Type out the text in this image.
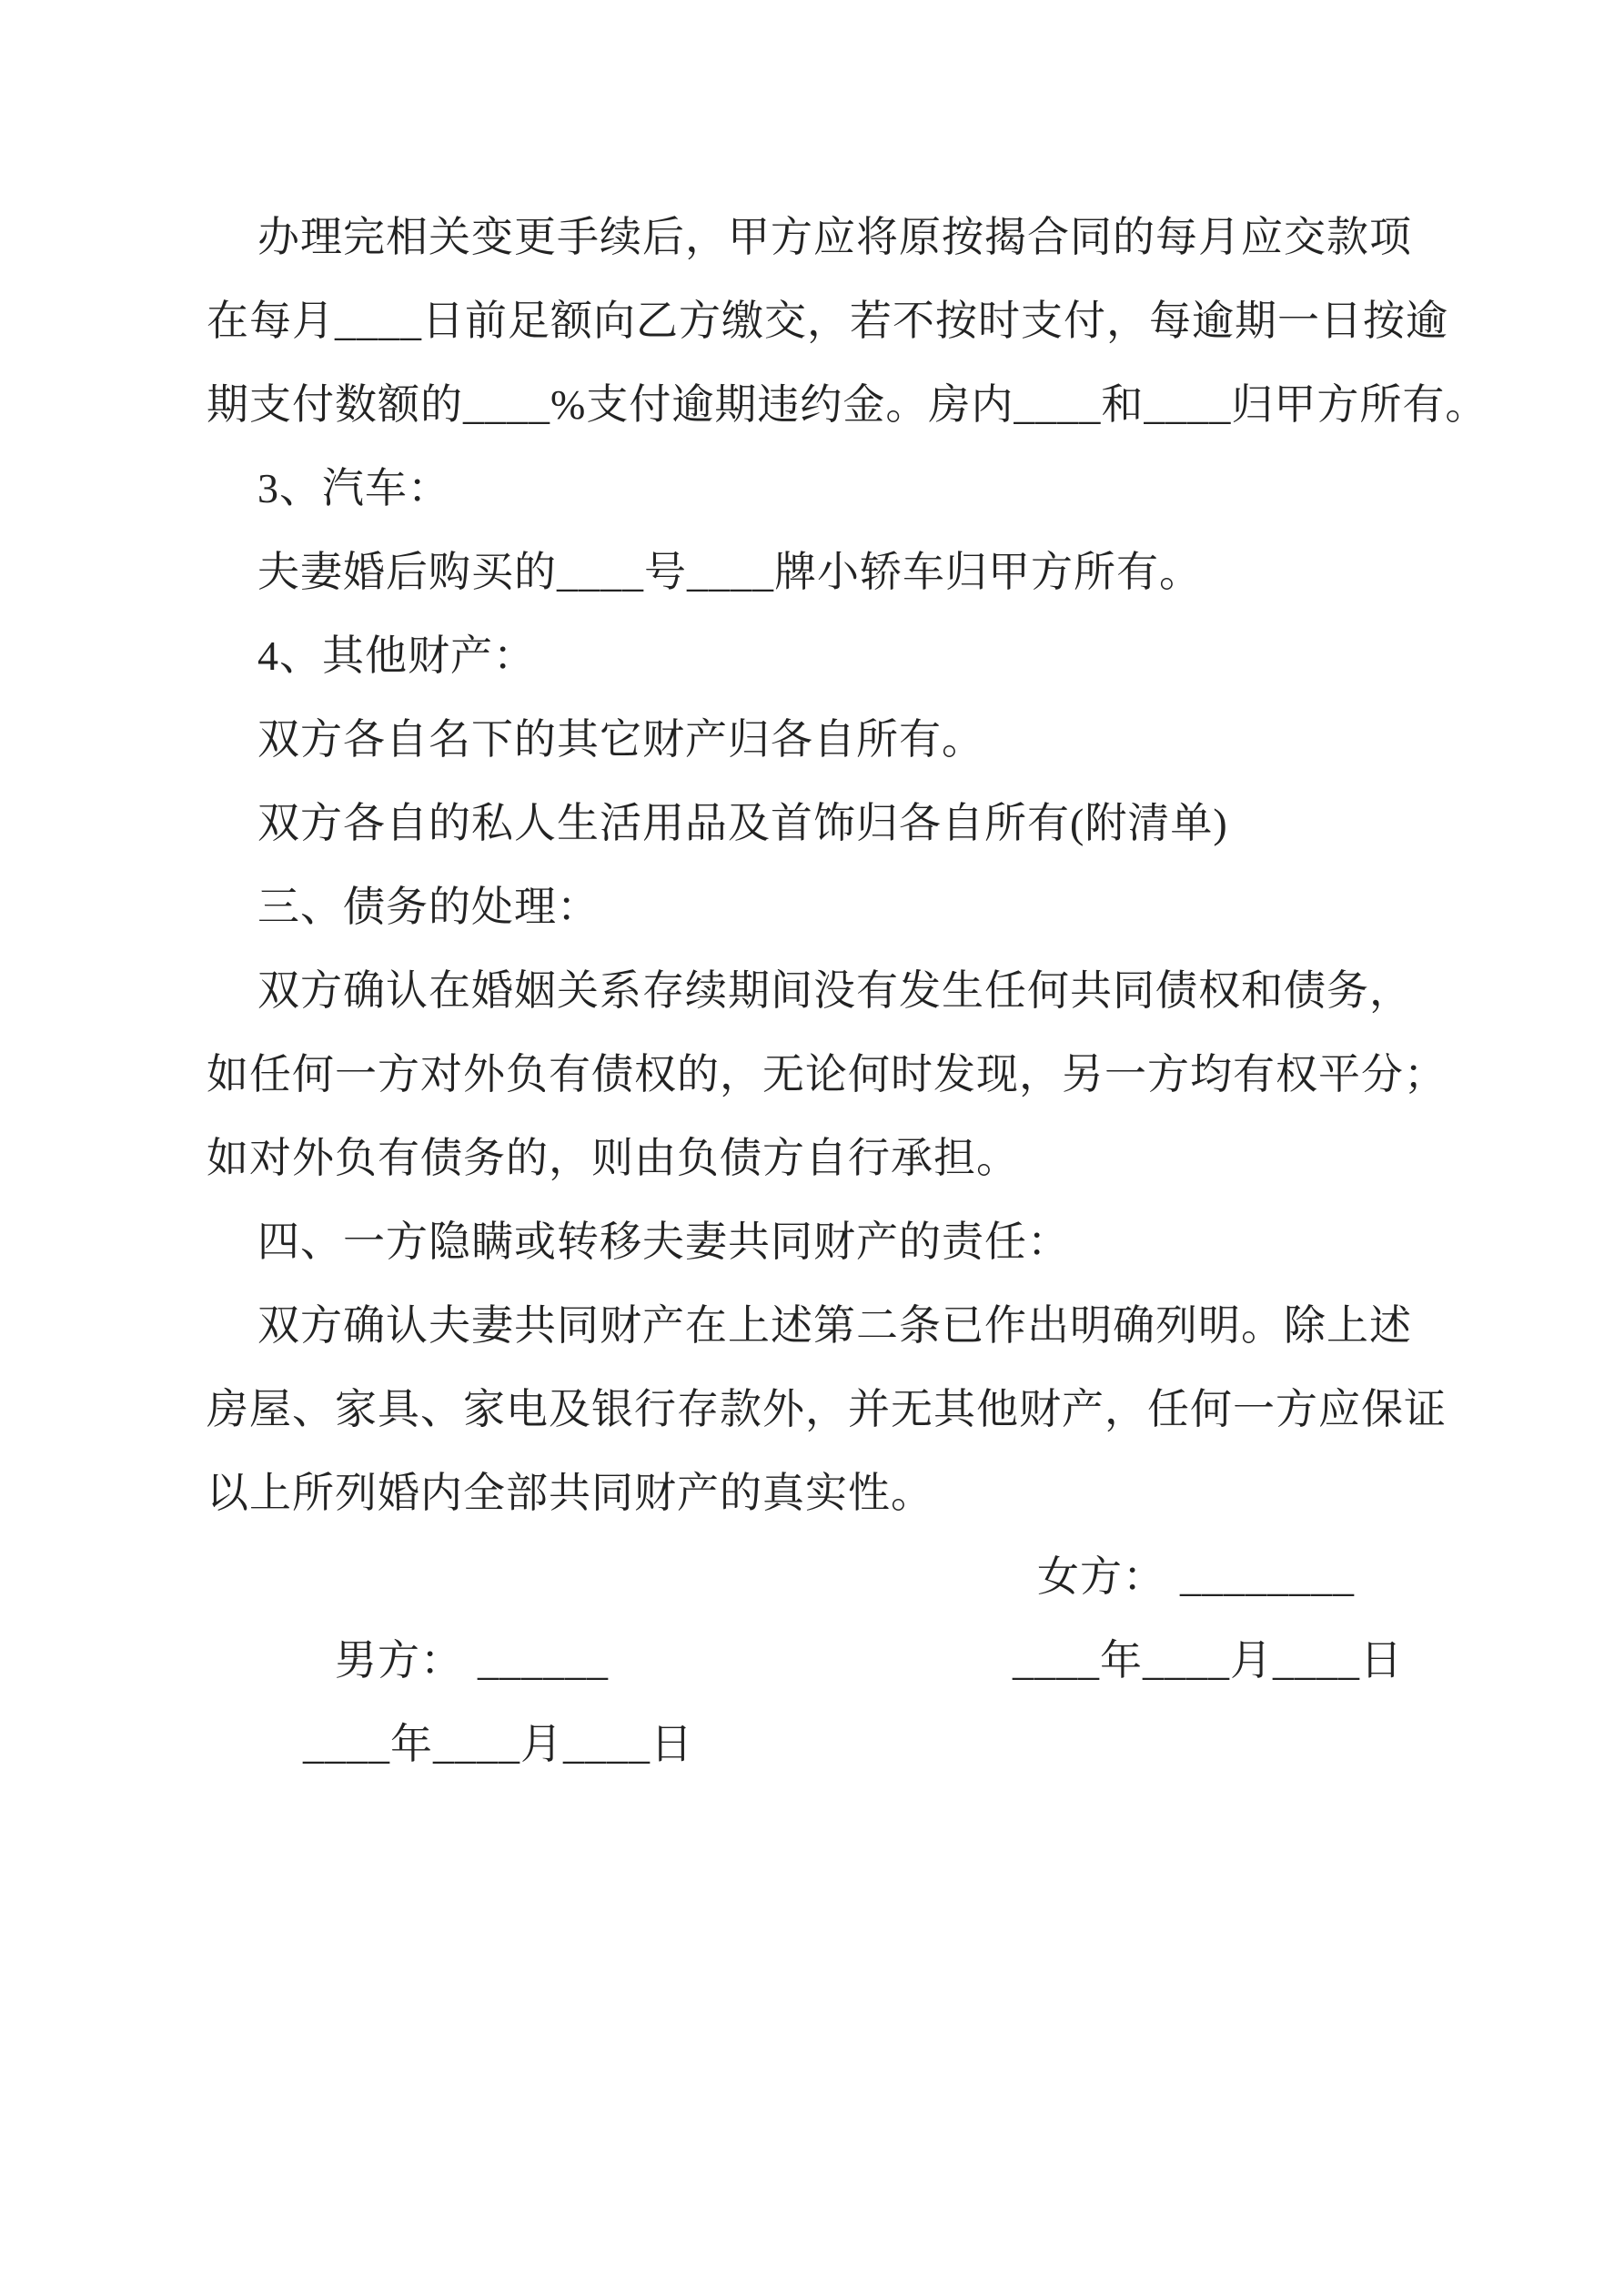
办理完相关变更手续后，甲方应将原按揭合同的每月应交款项
在每月____日前足额向乙方缴交，若不按时支付，每逾期一日按逾
期支付数额的____%支付逾期违约金。房内____和____归甲方所有。
3、汽车：
夫妻婚后购买的____号____牌小轿车归甲方所有。
4、其他财产：
双方各自名下的其它财产归各自所有。
双方各自的私人生活用品及首饰归各自所有(附清单)
三、债务的处理：
双方确认在婚姻关系存续期间没有发生任何共同债权和债务，
如任何一方对外负有债权的，无论何时发现，另一方均有权平分；
如对外负有债务的，则由负债方自行承担。
四、一方隐瞒或转移夫妻共同财产的责任：
双方确认夫妻共同财产在上述第二条已作出明确列明。除上述
房屋、家具、家电及银行存款外，并无其他财产，任何一方应保证
以上所列婚内全部共同财产的真实性。

男方： ______

女方： ________

____年____月____日

____年____月____日
